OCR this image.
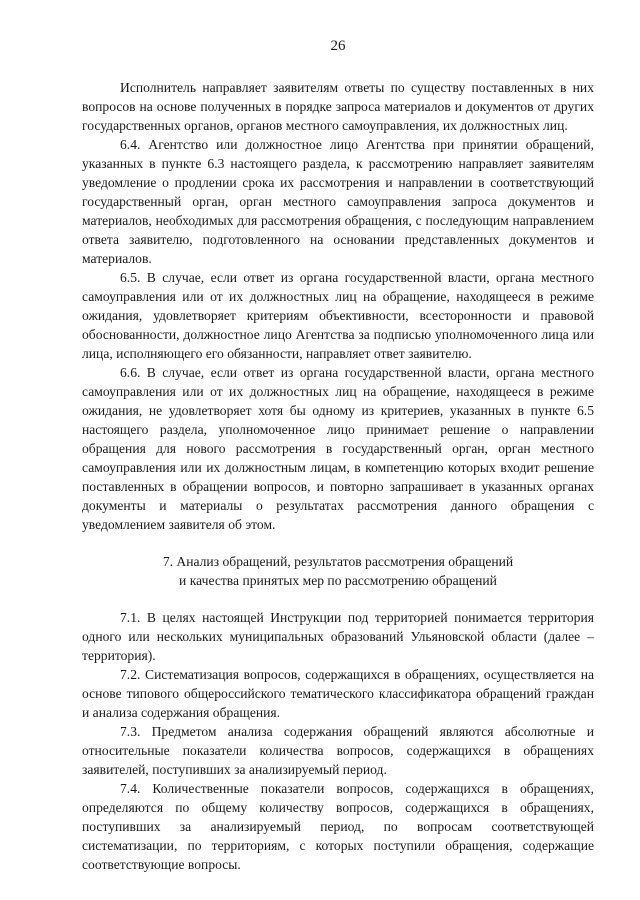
26

Исполнитель направляет заявителям ответы по существу поставленных в них вопросов на основе полученных в порядке запроса материалов и документов от других государственных органов, органов местного самоуправления, их должностных лиц.

6.4. Агентство или должностное лицо Агентства при принятии обращений, указанных в пункте 6.3 настоящего раздела, к рассмотрению направляет заявителям уведомление о продлении срока их рассмотрения и направлении в соответствующий государственный орган, орган местного самоуправления запроса документов и материалов, необходимых для рассмотрения обращения, с последующим направлением ответа заявителю, подготовленного на основании представленных документов и материалов.

6.5. В случае, если ответ из органа государственной власти, органа местного самоуправления или от их должностных лиц на обращение, находящееся в режиме ожидания, удовлетворяет критериям объективности, всесторонности и правовой обоснованности, должностное лицо Агентства за подписью уполномоченного лица или лица, исполняющего его обязанности, направляет ответ заявителю.

6.6. В случае, если ответ из органа государственной власти, органа местного самоуправления или от их должностных лиц на обращение, находящееся в режиме ожидания, не удовлетворяет хотя бы одному из критериев, указанных в пункте 6.5 настоящего раздела, уполномоченное лицо принимает решение о направлении обращения для нового рассмотрения в государственный орган, орган местного самоуправления или их должностным лицам, в компетенцию которых входит решение поставленных в обращении вопросов, и повторно запрашивает в указанных органах документы и материалы о результатах рассмотрения данного обращения с уведомлением заявителя об этом.

7. Анализ обращений, результатов рассмотрения обращений
и качества принятых мер по рассмотрению обращений

7.1. В целях настоящей Инструкции под территорией понимается территория одного или нескольких муниципальных образований Ульяновской области (далее – территория).

7.2. Систематизация вопросов, содержащихся в обращениях, осуществляется на основе типового общероссийского тематического классификатора обращений граждан и анализа содержания обращения.

7.3. Предметом анализа содержания обращений являются абсолютные и относительные показатели количества вопросов, содержащихся в обращениях заявителей, поступивших за анализируемый период.

7.4. Количественные показатели вопросов, содержащихся в обращениях, определяются по общему количеству вопросов, содержащихся в обращениях, поступивших за анализируемый период, по вопросам соответствующей систематизации, по территориям, с которых поступили обращения, содержащие соответствующие вопросы.
